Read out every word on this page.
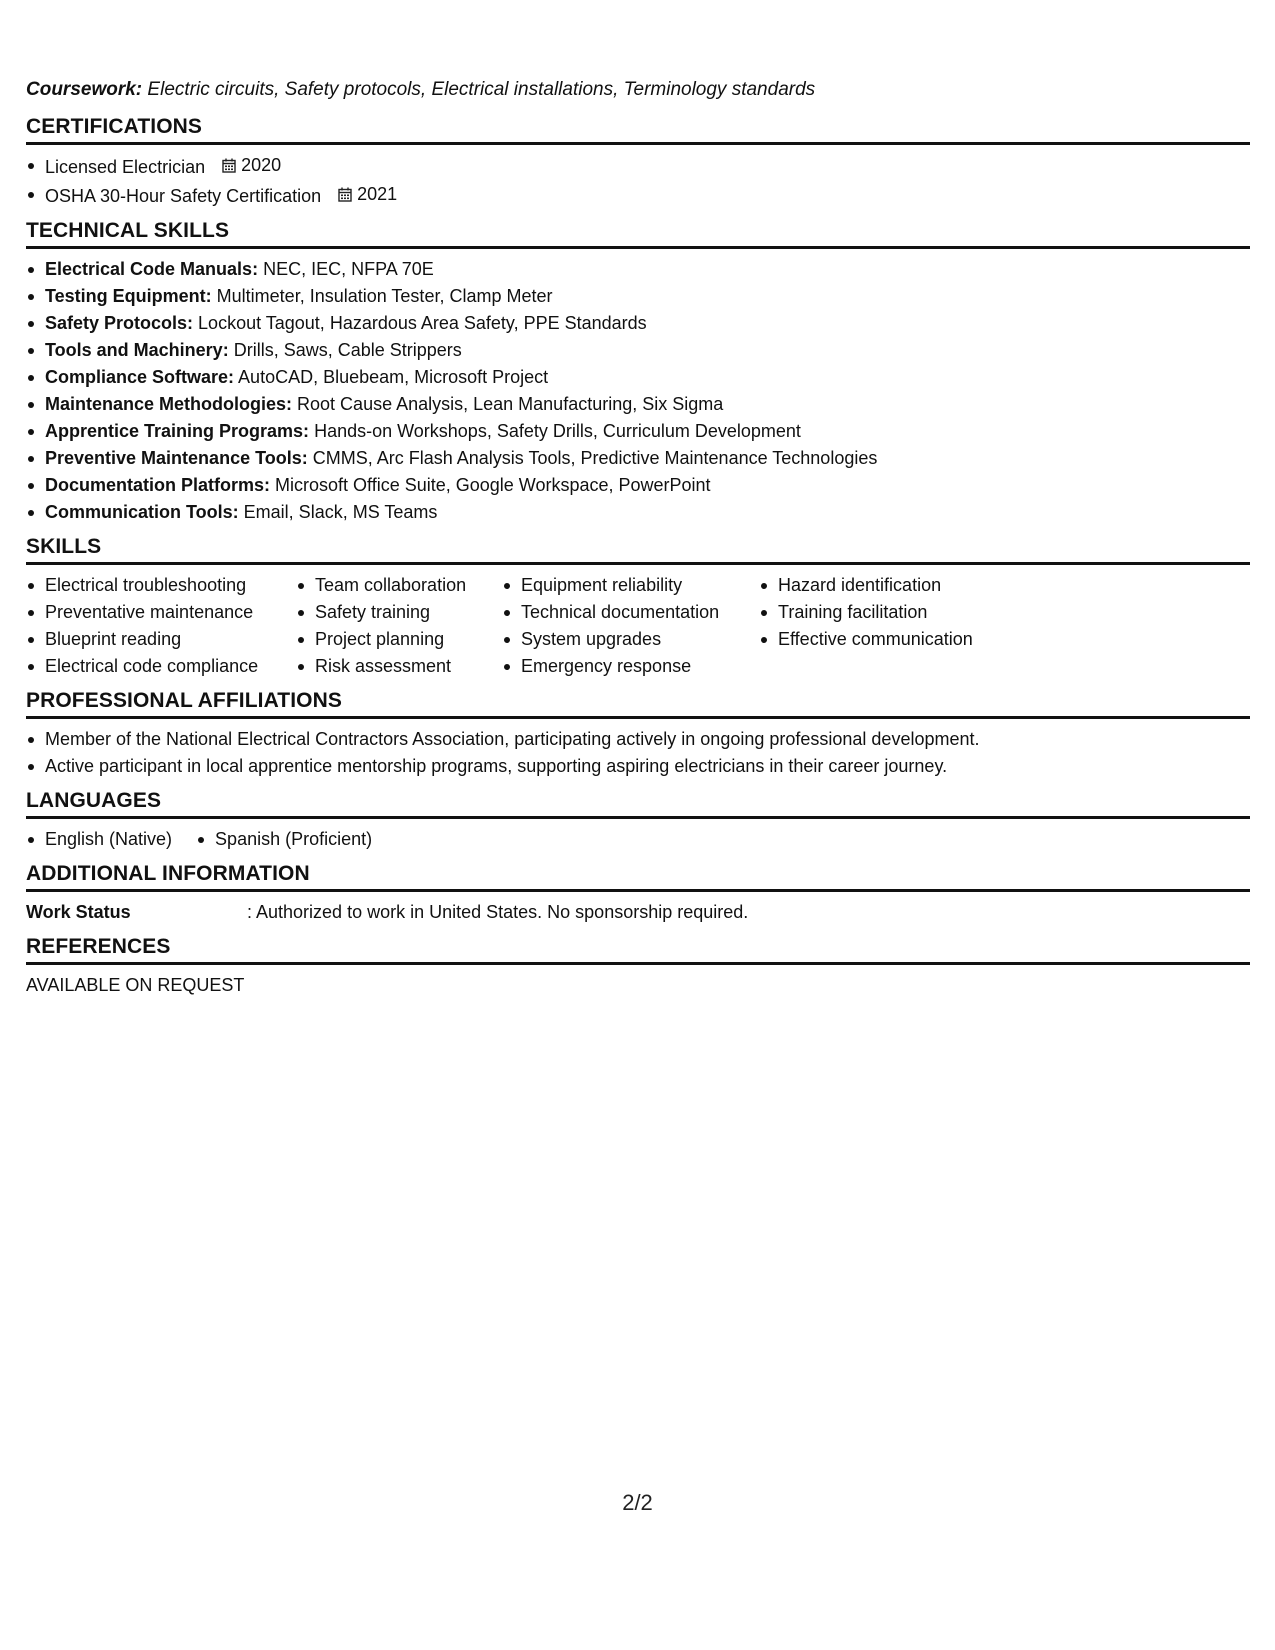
Coursework: Electric circuits, Safety protocols, Electrical installations, Terminology standards
CERTIFICATIONS
Licensed Electrician 2020
OSHA 30-Hour Safety Certification 2021
TECHNICAL SKILLS
Electrical Code Manuals: NEC, IEC, NFPA 70E
Testing Equipment: Multimeter, Insulation Tester, Clamp Meter
Safety Protocols: Lockout Tagout, Hazardous Area Safety, PPE Standards
Tools and Machinery: Drills, Saws, Cable Strippers
Compliance Software: AutoCAD, Bluebeam, Microsoft Project
Maintenance Methodologies: Root Cause Analysis, Lean Manufacturing, Six Sigma
Apprentice Training Programs: Hands-on Workshops, Safety Drills, Curriculum Development
Preventive Maintenance Tools: CMMS, Arc Flash Analysis Tools, Predictive Maintenance Technologies
Documentation Platforms: Microsoft Office Suite, Google Workspace, PowerPoint
Communication Tools: Email, Slack, MS Teams
SKILLS
Electrical troubleshooting
Preventative maintenance
Blueprint reading
Electrical code compliance
Team collaboration
Safety training
Project planning
Risk assessment
Equipment reliability
Technical documentation
System upgrades
Emergency response
Hazard identification
Training facilitation
Effective communication
PROFESSIONAL AFFILIATIONS
Member of the National Electrical Contractors Association, participating actively in ongoing professional development.
Active participant in local apprentice mentorship programs, supporting aspiring electricians in their career journey.
LANGUAGES
English (Native)	Spanish (Proficient)
ADDITIONAL INFORMATION
Work Status	: Authorized to work in United States. No sponsorship required.
REFERENCES
AVAILABLE ON REQUEST
2/2
